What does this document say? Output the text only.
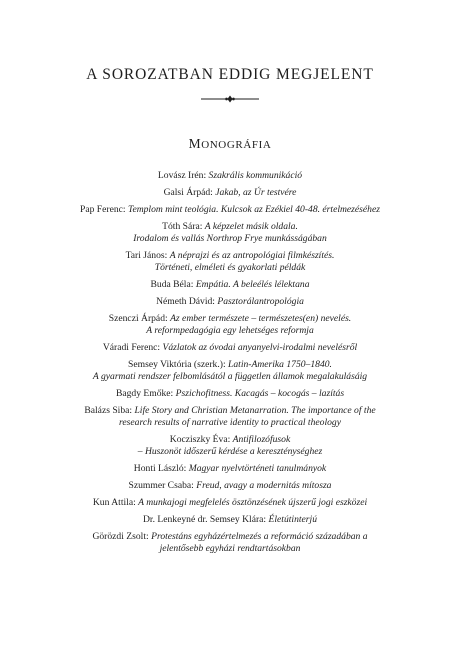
A SOROZATBAN EDDIG MEGJELENT
MONOGRÁFIA
Lovász Irén: Szakrális kommunikáció
Galsi Árpád: Jakab, az Úr testvére
Pap Ferenc: Templom mint teológia. Kulcsok az Ezékiel 40-48. értelmezéséhez
Tóth Sára: A képzelet másik oldala.
Irodalom és vallás Northrop Frye munkásságában
Tari János: A néprajzi és az antropológiai filmkészítés.
Történeti, elméleti és gyakorlati példák
Buda Béla: Empátia. A beleélés lélektana
Németh Dávid: Pasztorálantropológia
Szenczi Árpád: Az ember természete – természetes(en) nevelés.
A reformpedagógia egy lehetséges reformja
Váradi Ferenc: Vázlatok az óvodai anyanyelvi-irodalmi nevelésről
Semsey Viktória (szerk.): Latin-Amerika 1750–1840.
A gyarmati rendszer felbomlásától a független államok megalakulásáig
Bagdy Emőke: Pszichofitness. Kacagás – kocogás – lazítás
Balázs Siba: Life Story and Christian Metanarration. The importance of the
research results of narrative identity to practical theology
Kocziszky Éva: Antifilozófusok
– Huszonöt időszerű kérdése a kereszténységhez
Honti László: Magyar nyelvtörténeti tanulmányok
Szummer Csaba: Freud, avagy a modernitás mítosza
Kun Attila: A munkajogi megfelelés ösztönzésének újszerű jogi eszközei
Dr. Lenkeyné dr. Semsey Klára: Életútinterjú
Görözdi Zsolt: Protestáns egyházértelmezés a reformáció századában a
jelentősebb egyházi rendtartásokban
